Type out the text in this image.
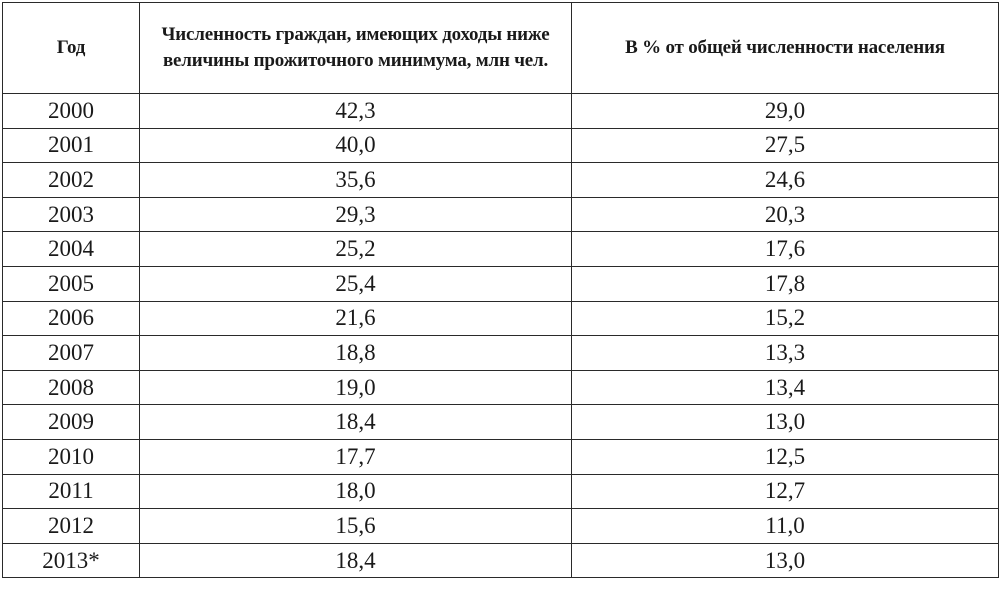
Год	Численность граждан, имеющих доходы ниже величины прожиточного минимума, млн чел.	В % от общей численности населения
2000	42,3	29,0
2001	40,0	27,5
2002	35,6	24,6
2003	29,3	20,3
2004	25,2	17,6
2005	25,4	17,8
2006	21,6	15,2
2007	18,8	13,3
2008	19,0	13,4
2009	18,4	13,0
2010	17,7	12,5
2011	18,0	12,7
2012	15,6	11,0
2013*	18,4	13,0
